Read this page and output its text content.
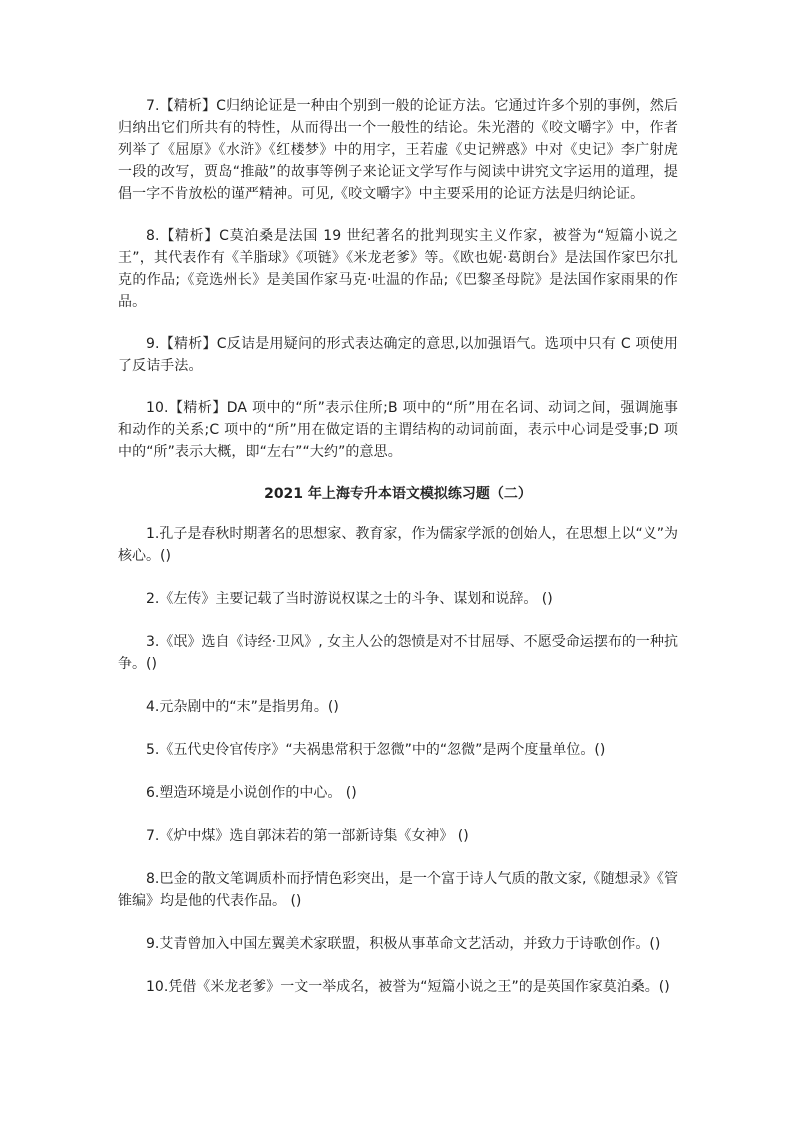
7.【精析】C归纳论证是一种由个别到一般的论证方法。它通过许多个别的事例，然后归纳出它们所共有的特性，从而得出一个一般性的结论。朱光潜的《咬文嚼字》中，作者列举了《屈原》《水浒》《红楼梦》中的用字，王若虚《史记辨惑》中对《史记》李广射虎一段的改写，贾岛“推敲”的故事等例子来论证文学写作与阅读中讲究文字运用的道理，提倡一字不肯放松的谨严精神。可见,《咬文嚼字》中主要采用的论证方法是归纳论证。

8.【精析】C莫泊桑是法国 19 世纪著名的批判现实主义作家，被誉为“短篇小说之王”，其代表作有《羊脂球》《项链》《米龙老爹》等。《欧也妮·葛朗台》是法国作家巴尔扎克的作品;《竞选州长》是美国作家马克·吐温的作品;《巴黎圣母院》是法国作家雨果的作品。

9.【精析】C反诘是用疑问的形式表达确定的意思,以加强语气。选项中只有 C 项使用了反诘手法。

10.【精析】DA 项中的“所”表示住所;B 项中的“所”用在名词、动词之间，强调施事和动作的关系;C 项中的“所”用在做定语的主谓结构的动词前面，表示中心词是受事;D 项中的“所”表示大概，即“左右”“大约”的意思。

2021 年上海专升本语文模拟练习题（二）

1.孔子是春秋时期著名的思想家、教育家，作为儒家学派的创始人，在思想上以“义”为核心。()

2.《左传》主要记载了当时游说权谋之士的斗争、谋划和说辞。 ()

3.《氓》选自《诗经·卫风》, 女主人公的怨愤是对不甘屈辱、不愿受命运摆布的一种抗争。()

4.元杂剧中的“末”是指男角。()

5.《五代史伶官传序》“夫祸患常积于忽微”中的“忽微”是两个度量单位。()

6.塑造环境是小说创作的中心。 ()

7.《炉中煤》选自郭沫若的第一部新诗集《女神》 ()

8.巴金的散文笔调质朴而抒情色彩突出，是一个富于诗人气质的散文家,《随想录》《管锥编》均是他的代表作品。 ()

9.艾青曾加入中国左翼美术家联盟，积极从事革命文艺活动，并致力于诗歌创作。()

10.凭借《米龙老爹》一文一举成名，被誉为“短篇小说之王”的是英国作家莫泊桑。()
